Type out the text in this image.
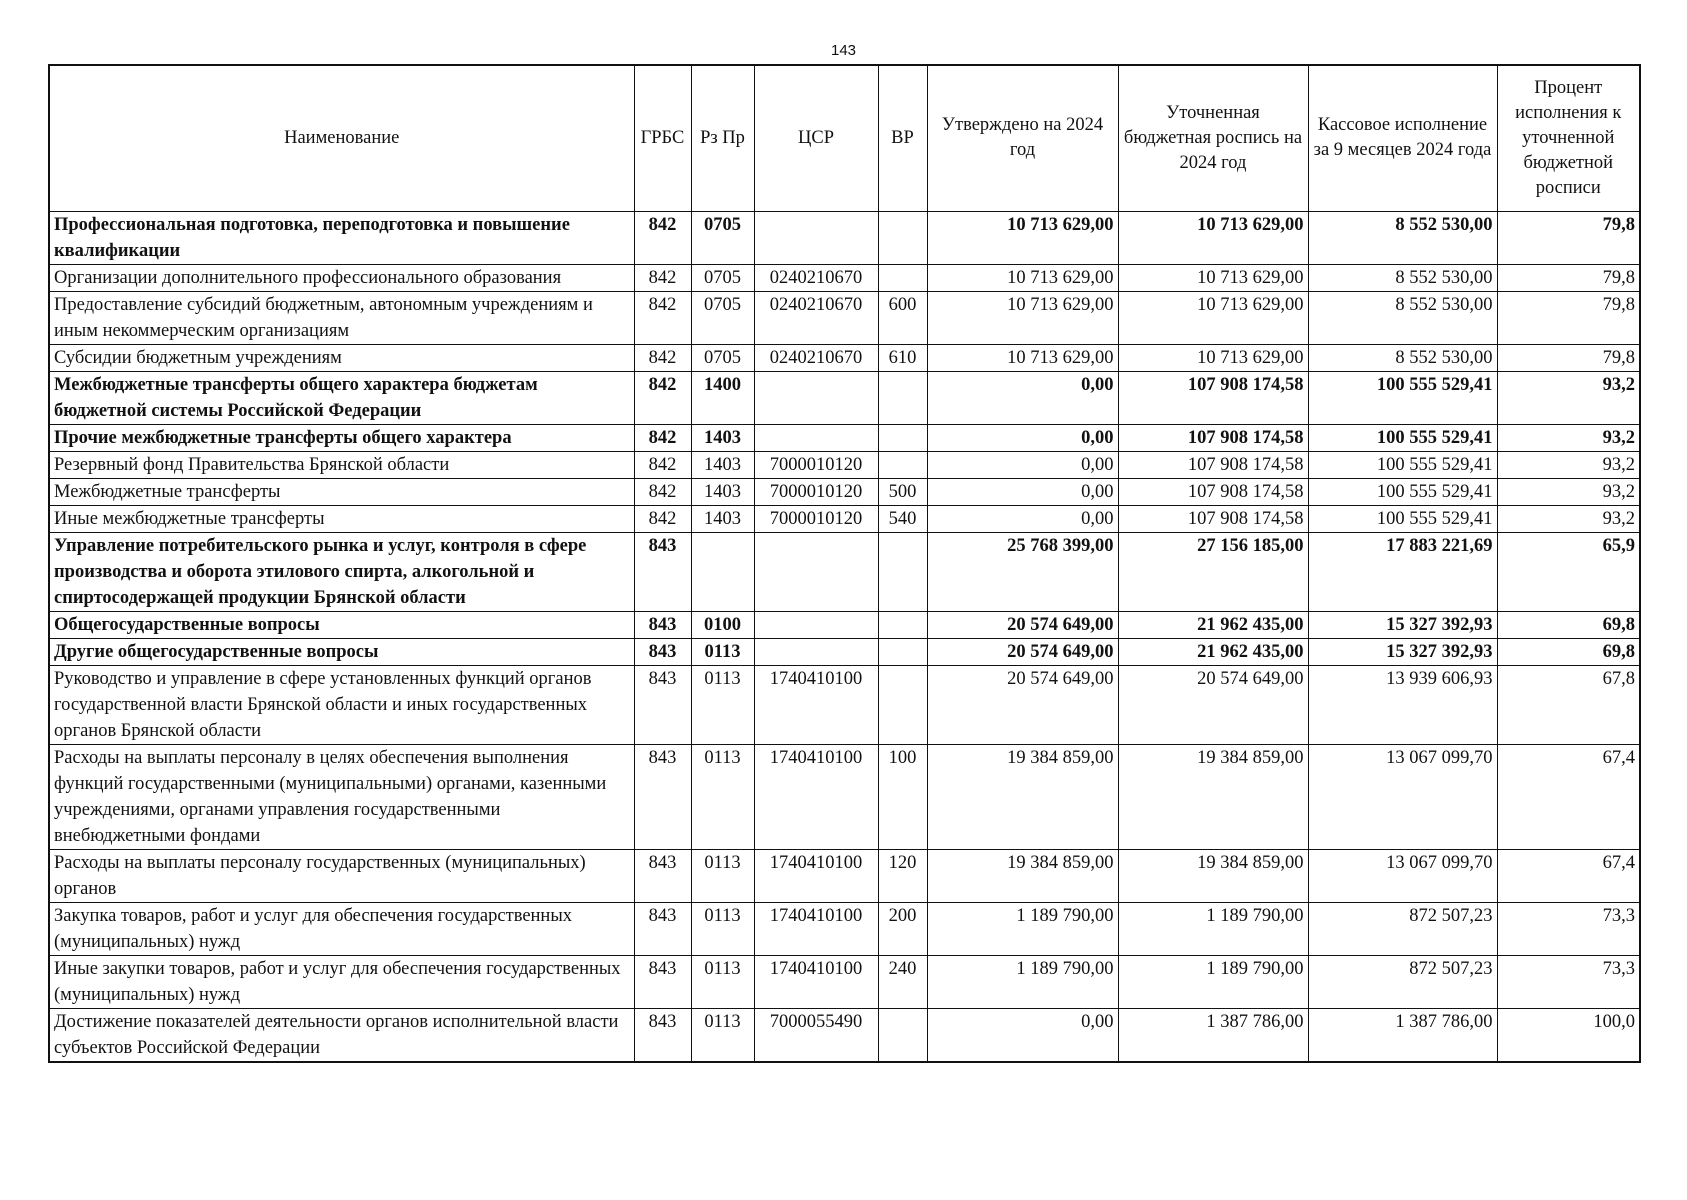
143
Наименование	ГРБС	Рз Пр	ЦСР	ВР	Утверждено на 2024 год	Уточненная бюджетная роспись на 2024 год	Кассовое исполнение за 9 месяцев 2024 года	Процент исполнения к уточненной бюджетной росписи
Профессиональная подготовка, переподготовка и повышение квалификации	842	0705			10 713 629,00	10 713 629,00	8 552 530,00	79,8
Организации дополнительного профессионального образования	842	0705	0240210670		10 713 629,00	10 713 629,00	8 552 530,00	79,8
Предоставление субсидий бюджетным, автономным учреждениям и иным некоммерческим организациям	842	0705	0240210670	600	10 713 629,00	10 713 629,00	8 552 530,00	79,8
Субсидии бюджетным учреждениям	842	0705	0240210670	610	10 713 629,00	10 713 629,00	8 552 530,00	79,8
Межбюджетные трансферты общего характера бюджетам бюджетной системы Российской Федерации	842	1400			0,00	107 908 174,58	100 555 529,41	93,2
Прочие межбюджетные трансферты общего характера	842	1403			0,00	107 908 174,58	100 555 529,41	93,2
Резервный фонд Правительства Брянской области	842	1403	7000010120		0,00	107 908 174,58	100 555 529,41	93,2
Межбюджетные трансферты	842	1403	7000010120	500	0,00	107 908 174,58	100 555 529,41	93,2
Иные межбюджетные трансферты	842	1403	7000010120	540	0,00	107 908 174,58	100 555 529,41	93,2
Управление потребительского рынка и услуг, контроля в сфере производства и оборота этилового спирта, алкогольной и спиртосодержащей продукции Брянской области	843				25 768 399,00	27 156 185,00	17 883 221,69	65,9
Общегосударственные вопросы	843	0100			20 574 649,00	21 962 435,00	15 327 392,93	69,8
Другие общегосударственные вопросы	843	0113			20 574 649,00	21 962 435,00	15 327 392,93	69,8
Руководство и управление в сфере установленных функций органов государственной власти Брянской области и иных государственных органов Брянской области	843	0113	1740410100		20 574 649,00	20 574 649,00	13 939 606,93	67,8
Расходы на выплаты персоналу в целях обеспечения выполнения функций государственными (муниципальными) органами, казенными учреждениями, органами управления государственными внебюджетными фондами	843	0113	1740410100	100	19 384 859,00	19 384 859,00	13 067 099,70	67,4
Расходы на выплаты персоналу государственных (муниципальных) органов	843	0113	1740410100	120	19 384 859,00	19 384 859,00	13 067 099,70	67,4
Закупка товаров, работ и услуг для обеспечения государственных (муниципальных) нужд	843	0113	1740410100	200	1 189 790,00	1 189 790,00	872 507,23	73,3
Иные закупки товаров, работ и услуг для обеспечения государственных (муниципальных) нужд	843	0113	1740410100	240	1 189 790,00	1 189 790,00	872 507,23	73,3
Достижение показателей деятельности органов исполнительной власти субъектов Российской Федерации	843	0113	7000055490		0,00	1 387 786,00	1 387 786,00	100,0
